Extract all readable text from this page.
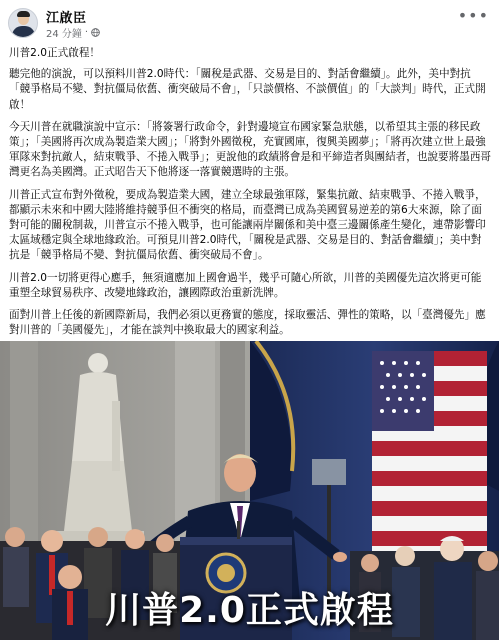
江啟臣
24 分鐘 ·
•••

川普2.0正式啟程！

聽完他的演說，可以預料川普2.0時代：「關稅是武器、交易是目的、對話會繼續」。此外，美中對抗「競爭格局不變、對抗僵局依舊、衝突破局不會」，「只談價格、不談價值」的「大談判」時代，正式開啟！

今天川普在就職演說中宣示：「將簽署行政命令，針對邊境宣布國家緊急狀態，以希望其主張的移民政策」；「美國將再次成為製造業大國」；「將對外國徵稅，充實國庫，復興美國夢」；「將再次建立世上最強軍隊來對抗敵人，結束戰爭、不捲入戰爭」；更說他的政績將會是和平締造者與團結者，也說要將墨西哥灣更名為美國灣。正式昭告天下他將逐一落實競選時的主張。

川普正式宣布對外徵稅，要成為製造業大國，建立全球最強軍隊，緊集抗敵、結束戰爭、不捲入戰爭，都顯示未來和中國大陸將維持競爭但不衝突的格局，而臺灣已成為美國貿易逆差的第6大來源，除了面對可能的關稅制裁，川普宣示不捲入戰爭，也可能讓兩岸關係和美中臺三邊關係產生變化，連帶影響印太區域穩定與全球地緣政治。可預見川普2.0時代，「關稅是武器、交易是目的、對話會繼續」；美中對抗是「競爭格局不變、對抗僵局依舊、衝突破局不會」。

川普2.0一切將更得心應手，無須適應加上國會過半，幾乎可隨心所欲，川普的美國優先這次將更可能重塑全球貿易秩序、改變地緣政治，讓國際政治重新洗牌。

面對川普上任後的新國際新局，我們必須以更務實的態度，採取靈活、彈性的策略，以「臺灣優先」應對川普的「美國優先」，才能在談判中換取最大的國家利益。

川普2.0正式啟程
